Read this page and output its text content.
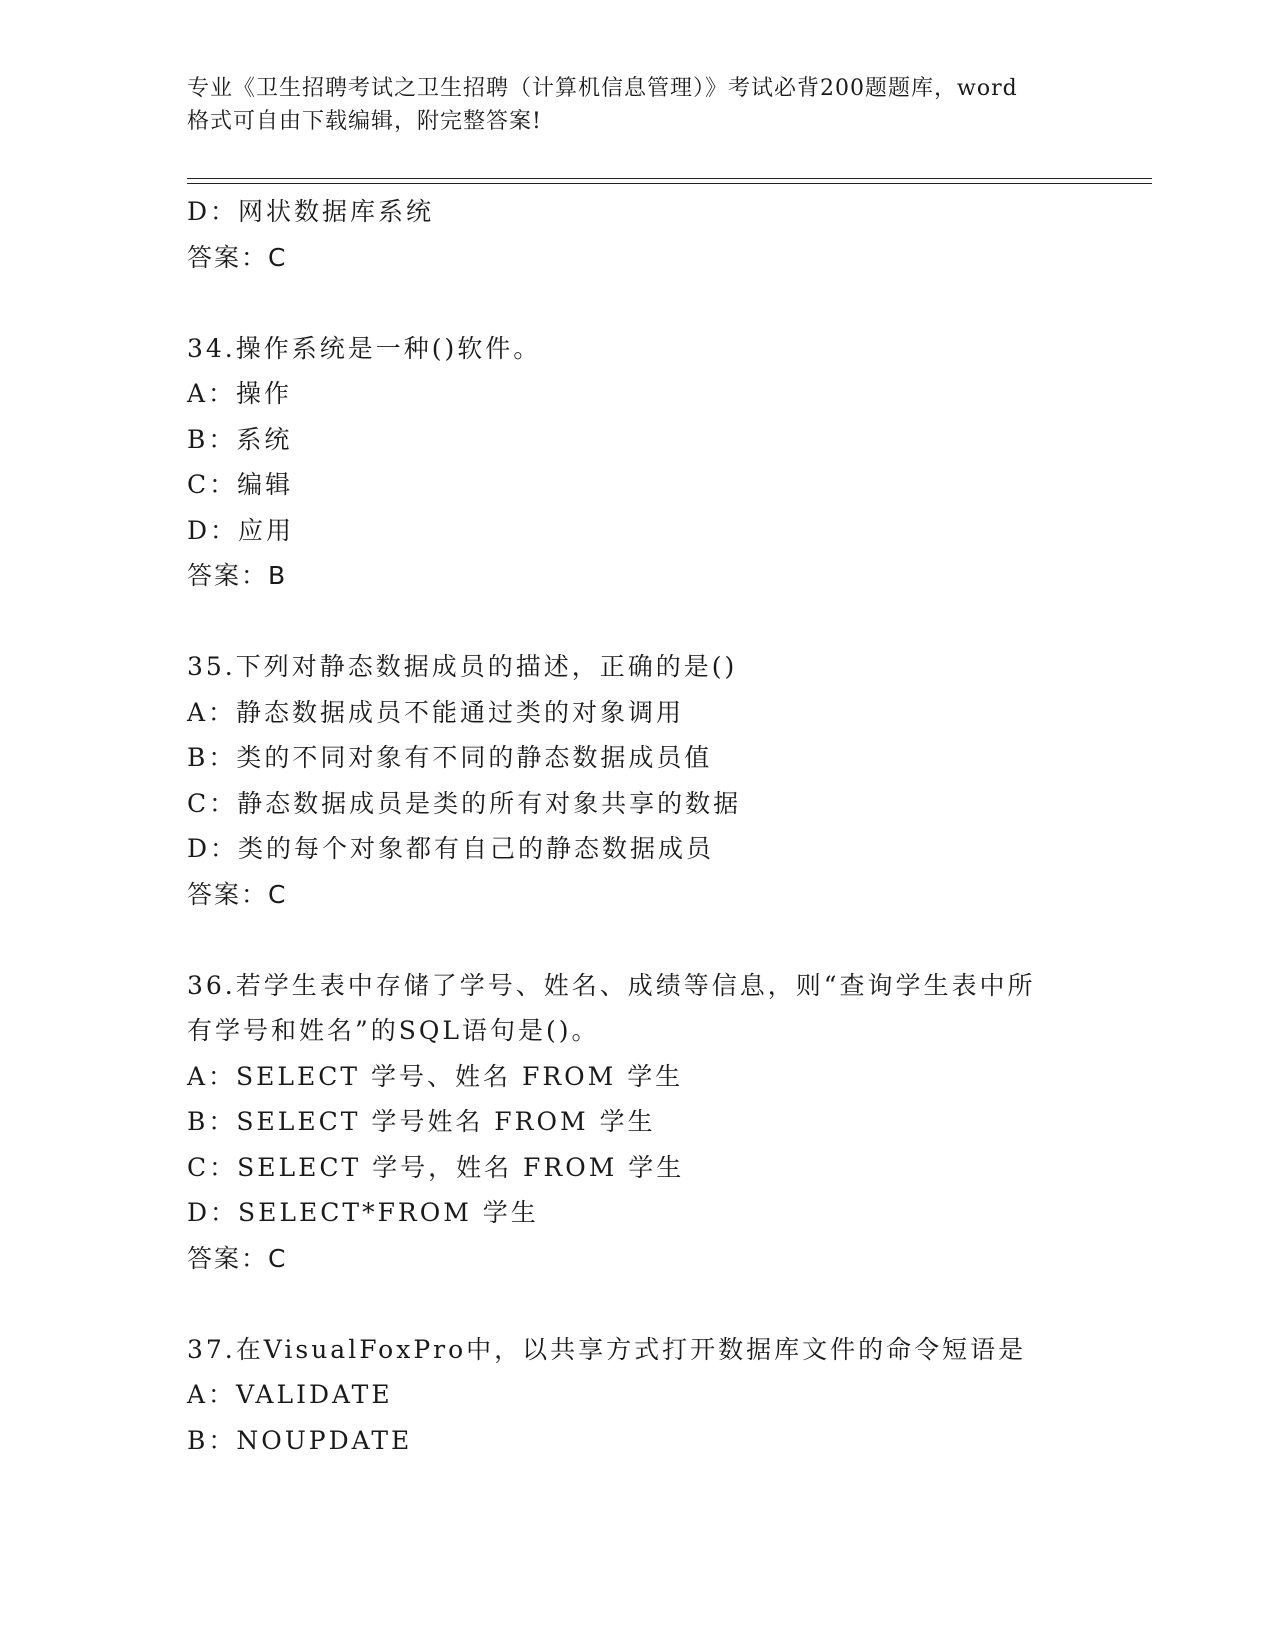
专业《卫生招聘考试之卫生招聘（计算机信息管理）》考试必背200题题库，word
格式可自由下载编辑，附完整答案!
D：网状数据库系统
答案：C
34.操作系统是一种()软件。
A：操作
B：系统
C：编辑
D：应用
答案：B
35.下列对静态数据成员的描述，正确的是()
A：静态数据成员不能通过类的对象调用
B：类的不同对象有不同的静态数据成员值
C：静态数据成员是类的所有对象共享的数据
D：类的每个对象都有自己的静态数据成员
答案：C
36.若学生表中存储了学号、姓名、成绩等信息，则“查询学生表中所
有学号和姓名”的SQL语句是()。
A：SELECT 学号、姓名 FROM 学生
B：SELECT 学号姓名 FROM 学生
C：SELECT 学号，姓名 FROM 学生
D：SELECT*FROM 学生
答案：C
37.在VisualFoxPro中，以共享方式打开数据库文件的命令短语是
A：VALIDATE
B：NOUPDATE
